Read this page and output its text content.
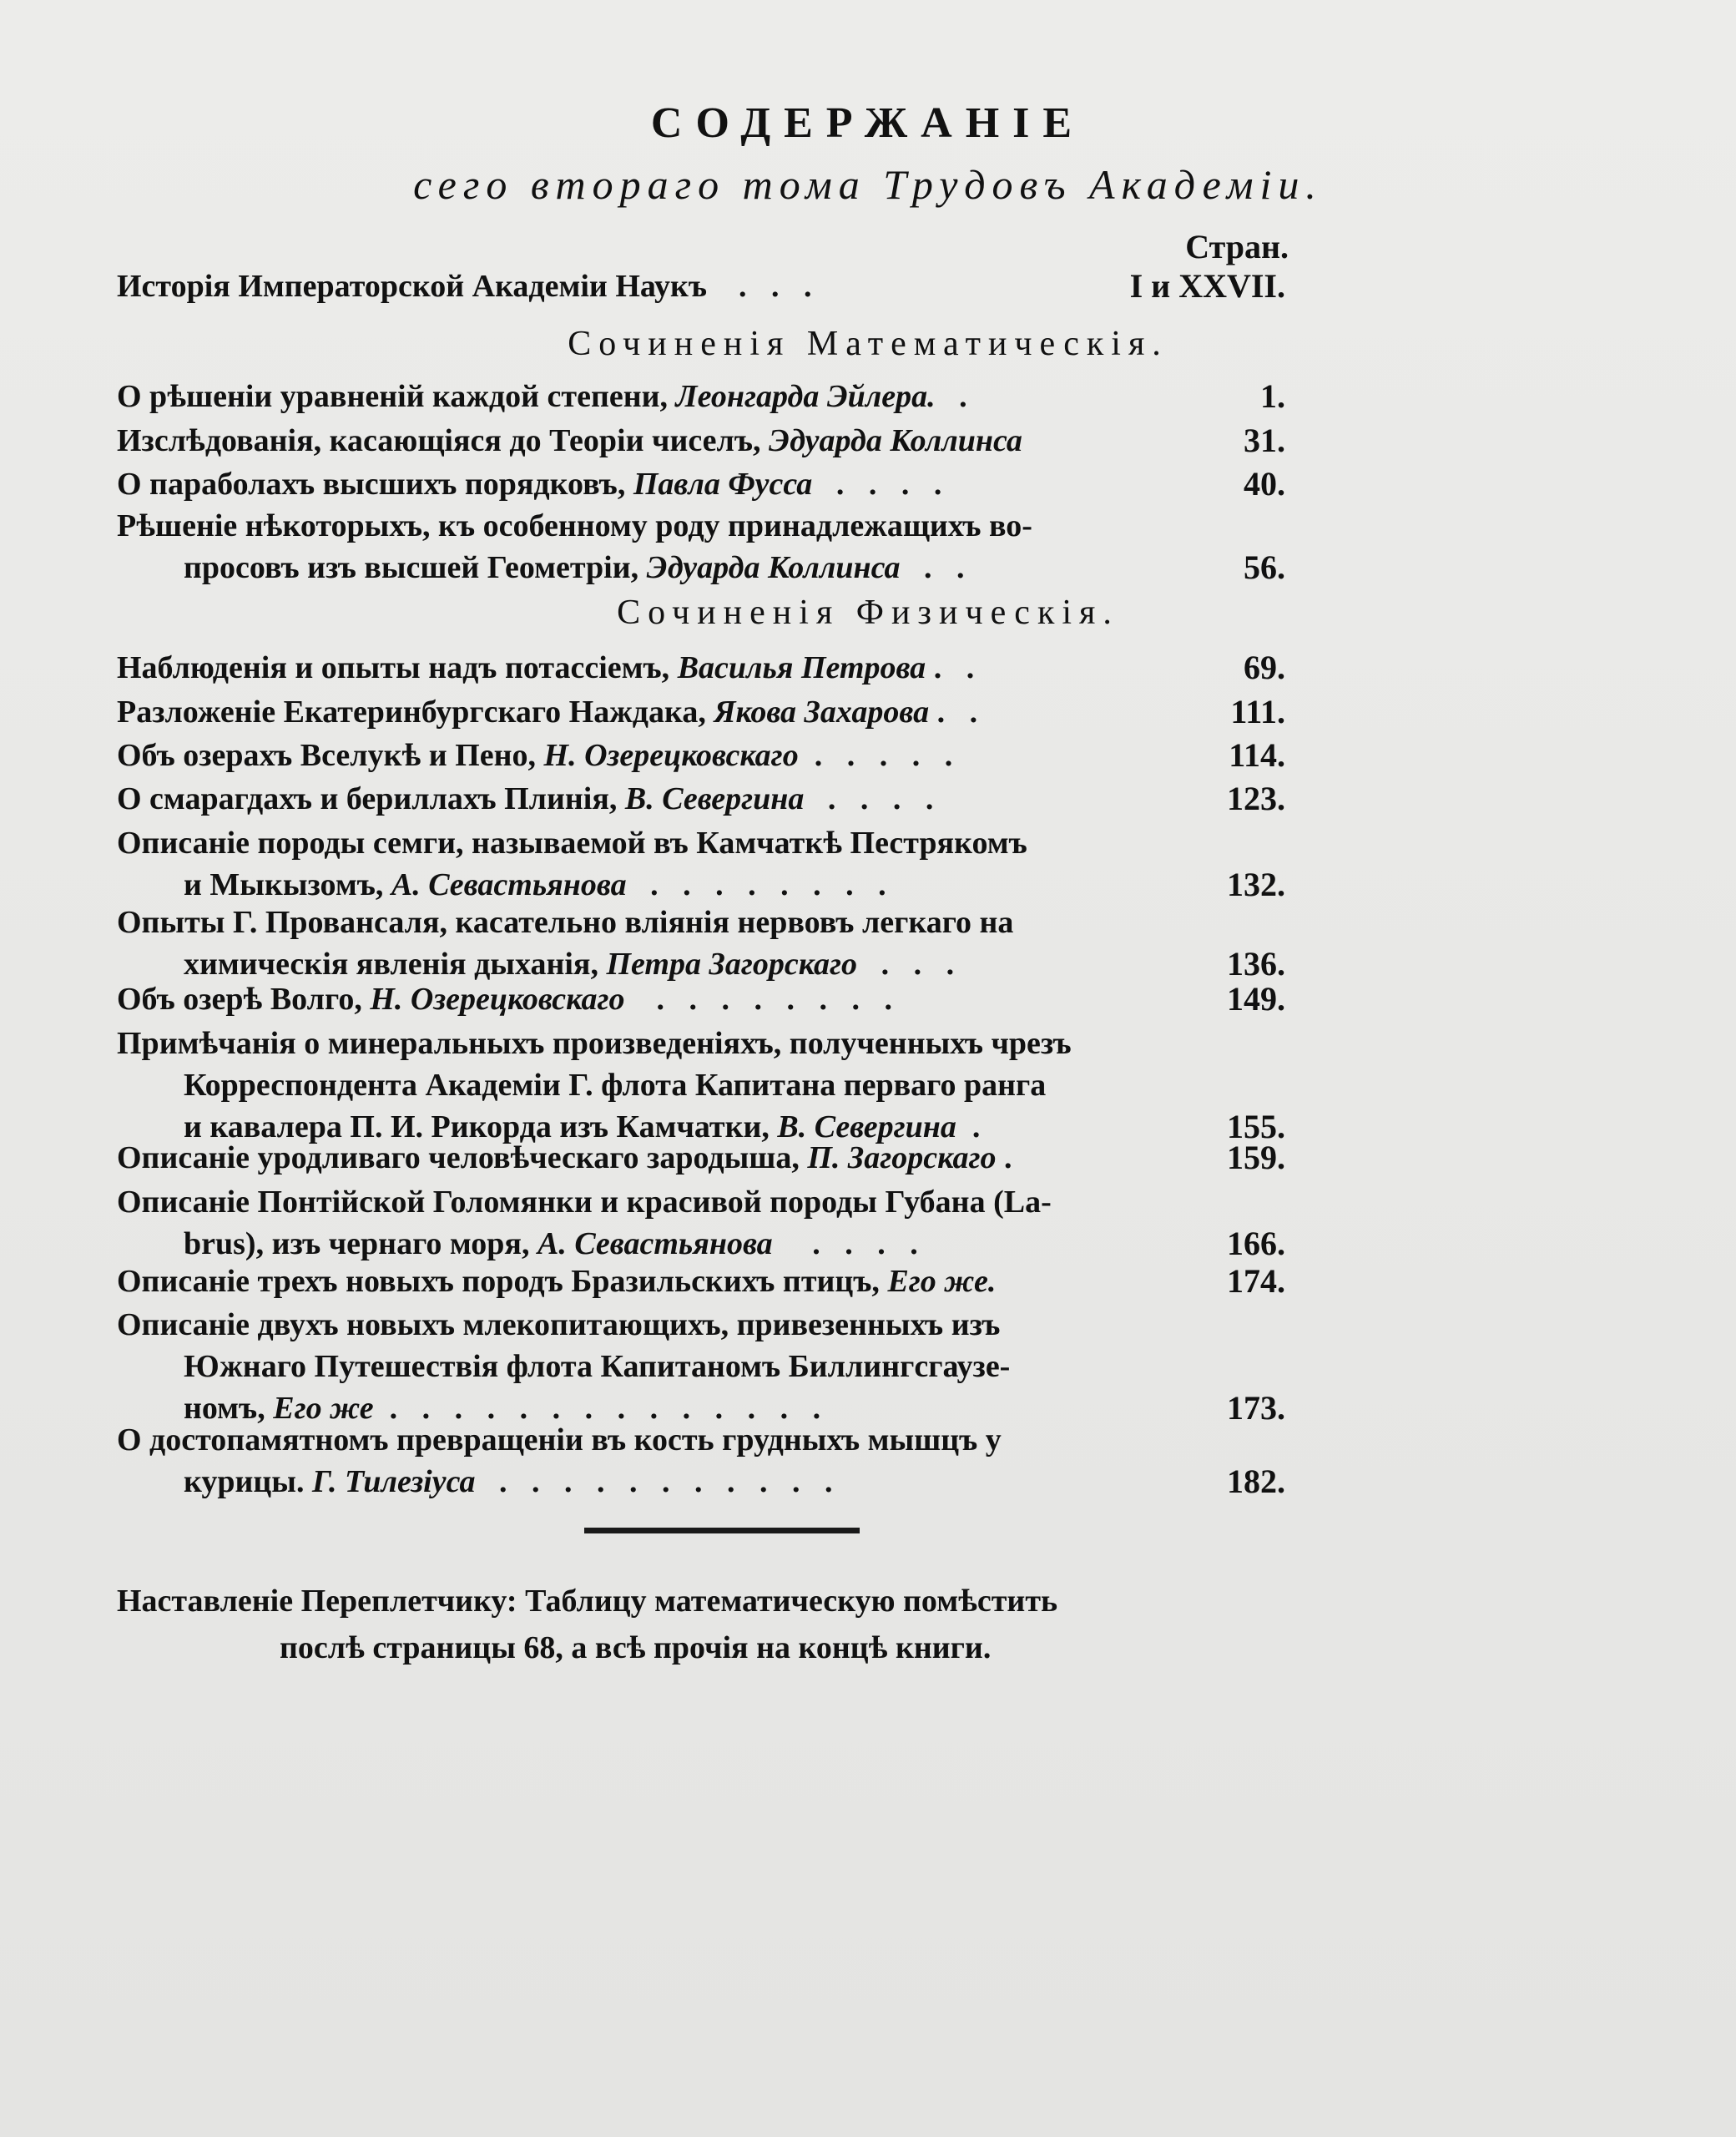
СОДЕРЖАНІЕ
сего втораго тома Трудовъ Академіи.
Стран.
Исторія Императорской Академіи Наукъ . . .	I и XXVII.
Сочиненія Математическія.
О рѣшеніи уравненій каждой степени, Леонгарда Эйлера. .	1.
Изслѣдованія, касающіяся до Теоріи чиселъ, Эдуарда Коллинса	31.
О параболахъ высшихъ порядковъ, Павла Фусса . . . .	40.
Рѣшеніе нѣкоторыхъ, къ особенному роду принадлежащихъ во-
просовъ изъ высшей Геометріи, Эдуарда Коллинса . .	56.
Сочиненія Физическія.
Наблюденія и опыты надъ потассіемъ, Василья Петрова . .	69.
Разложеніе Екатеринбургскаго Наждака, Якова Захарова . .	111.
Объ озерахъ Вселукѣ и Пено, Н. Озерецковскаго . . . . .	114.
О смарагдахъ и бериллахъ Плинія, В. Севергина . . . .	123.
Описаніе породы семги, называемой въ Камчаткѣ Пестрякомъ
и Мыкызомъ, А. Севастьянова . . . . . . . .	132.
Опыты Г. Провансаля, касательно вліянія нервовъ легкаго на
химическія явленія дыханія, Петра Загорскаго . . .	136.
Объ озерѣ Волго, Н. Озерецковскаго . . . . . . . .	149.
Примѣчанія о минеральныхъ произведеніяхъ, полученныхъ чрезъ
Корреспондента Академіи Г. флота Капитана перваго ранга
и кавалера П. И. Рикорда изъ Камчатки, В. Севергина .	155.
Описаніе уродливаго человѣческаго зародыша, П. Загорскаго .	159.
Описаніе Понтійской Голомянки и красивой породы Губана (La-
brus), изъ чернаго моря, А. Севастьянова . . . .	166.
Описаніе трехъ новыхъ породъ Бразильскихъ птицъ, Его же.	174.
Описаніе двухъ новыхъ млекопитающихъ, привезенныхъ изъ
Южнаго Путешествія флота Капитаномъ Биллингсгаузе-
номъ, Его же . . . . . . . . . . . . . .	173.
О достопамятномъ превращеніи въ кость грудныхъ мышцъ у
курицы. Г. Тилезіуса . . . . . . . . . . .	182.
Наставленіе Переплетчику: Таблицу математическую помѣстить
послѣ страницы 68, а всѣ прочія на концѣ книги.
